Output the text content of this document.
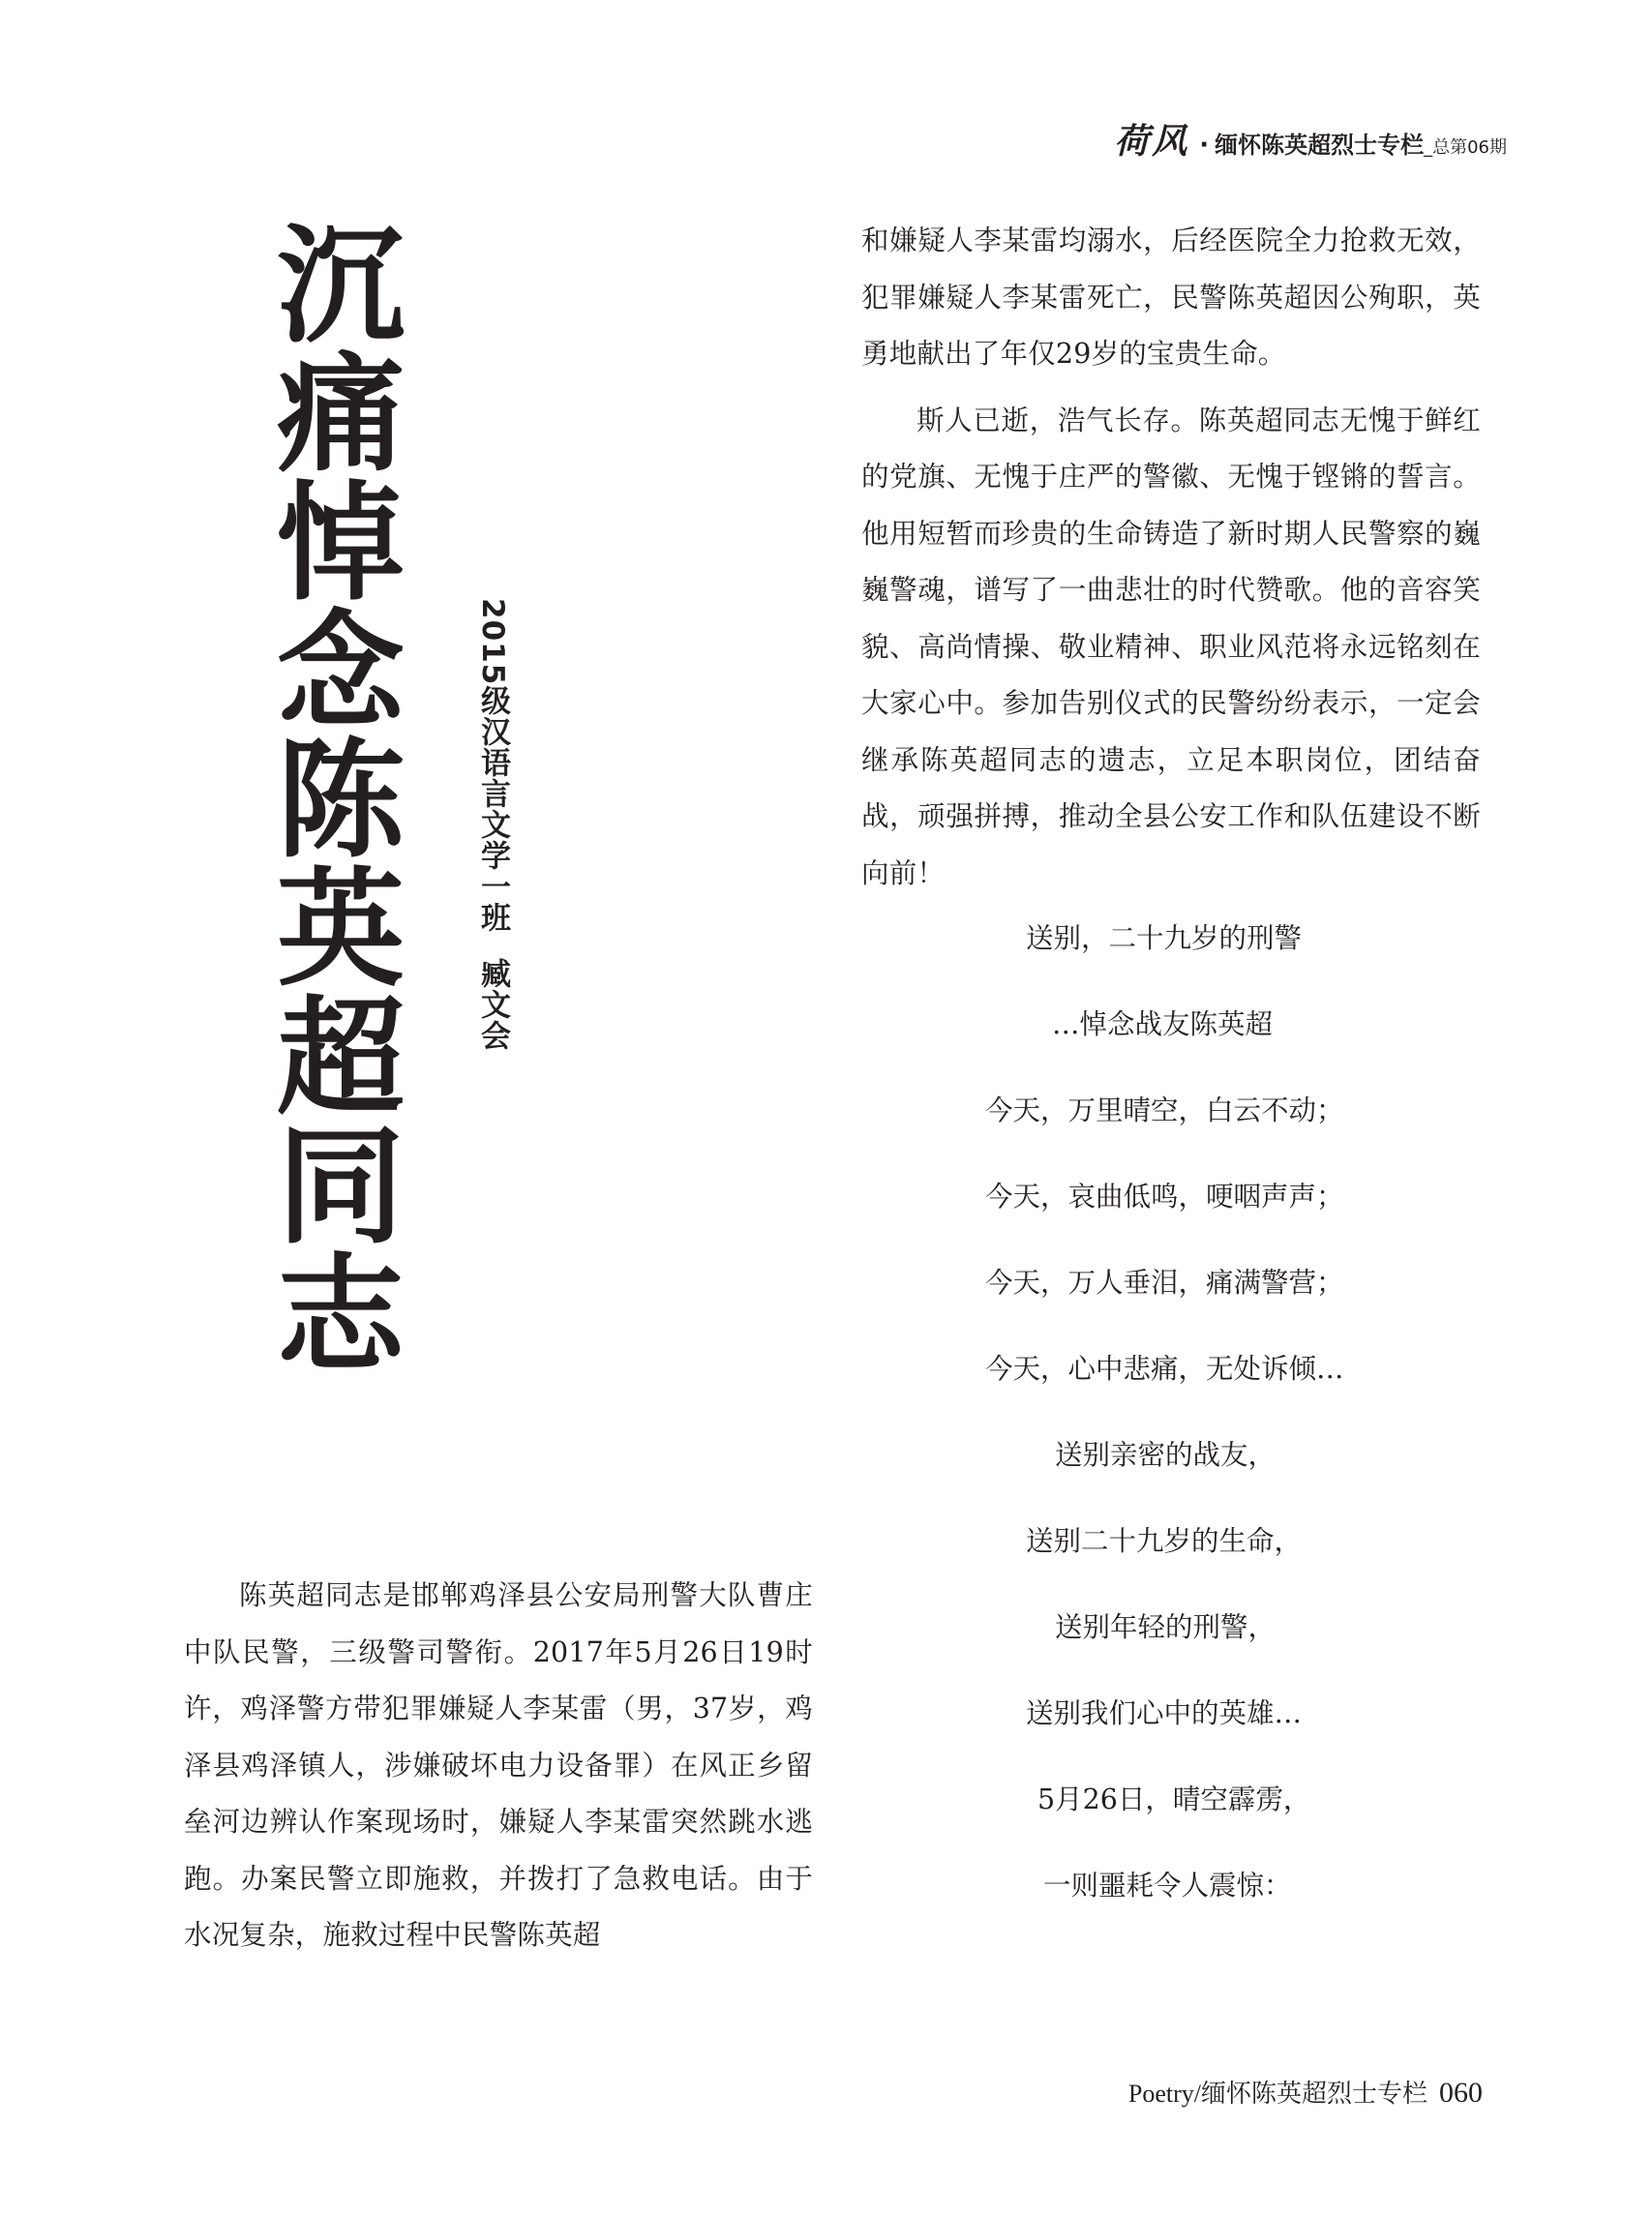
荷风 · 缅怀陈英超烈士专栏 _总第06期
沉
痛
悼
念
陈
英
超
同
志
2015级汉语言文学一班臧文会

陈英超同志是邯郸鸡泽县公安局刑警大队曹庄中队民警，三级警司警衔。2017年5月26日19时许，鸡泽警方带犯罪嫌疑人李某雷（男，37岁，鸡泽县鸡泽镇人，涉嫌破坏电力设备罪）在风正乡留垒河边辨认作案现场时，嫌疑人李某雷突然跳水逃跑。办案民警立即施救，并拨打了急救电话。由于水况复杂，施救过程中民警陈英超

和嫌疑人李某雷均溺水，后经医院全力抢救无效，犯罪嫌疑人李某雷死亡，民警陈英超因公殉职，英勇地献出了年仅29岁的宝贵生命。

斯人已逝，浩气长存。陈英超同志无愧于鲜红的党旗、无愧于庄严的警徽、无愧于铿锵的誓言。他用短暂而珍贵的生命铸造了新时期人民警察的巍巍警魂，谱写了一曲悲壮的时代赞歌。他的音容笑貌、高尚情操、敬业精神、职业风范将永远铭刻在大家心中。参加告别仪式的民警纷纷表示，一定会继承陈英超同志的遗志，立足本职岗位，团结奋战，顽强拼搏，推动全县公安工作和队伍建设不断向前！

送别，二十九岁的刑警
…悼念战友陈英超
今天，万里晴空，白云不动；
今天，哀曲低鸣，哽咽声声；
今天，万人垂泪，痛满警营；
今天，心中悲痛，无处诉倾…
送别亲密的战友，
送别二十九岁的生命，
送别年轻的刑警，
送别我们心中的英雄…
5月26日，晴空霹雳，
一则噩耗令人震惊：
Poetry/缅怀陈英超烈士专栏 060
